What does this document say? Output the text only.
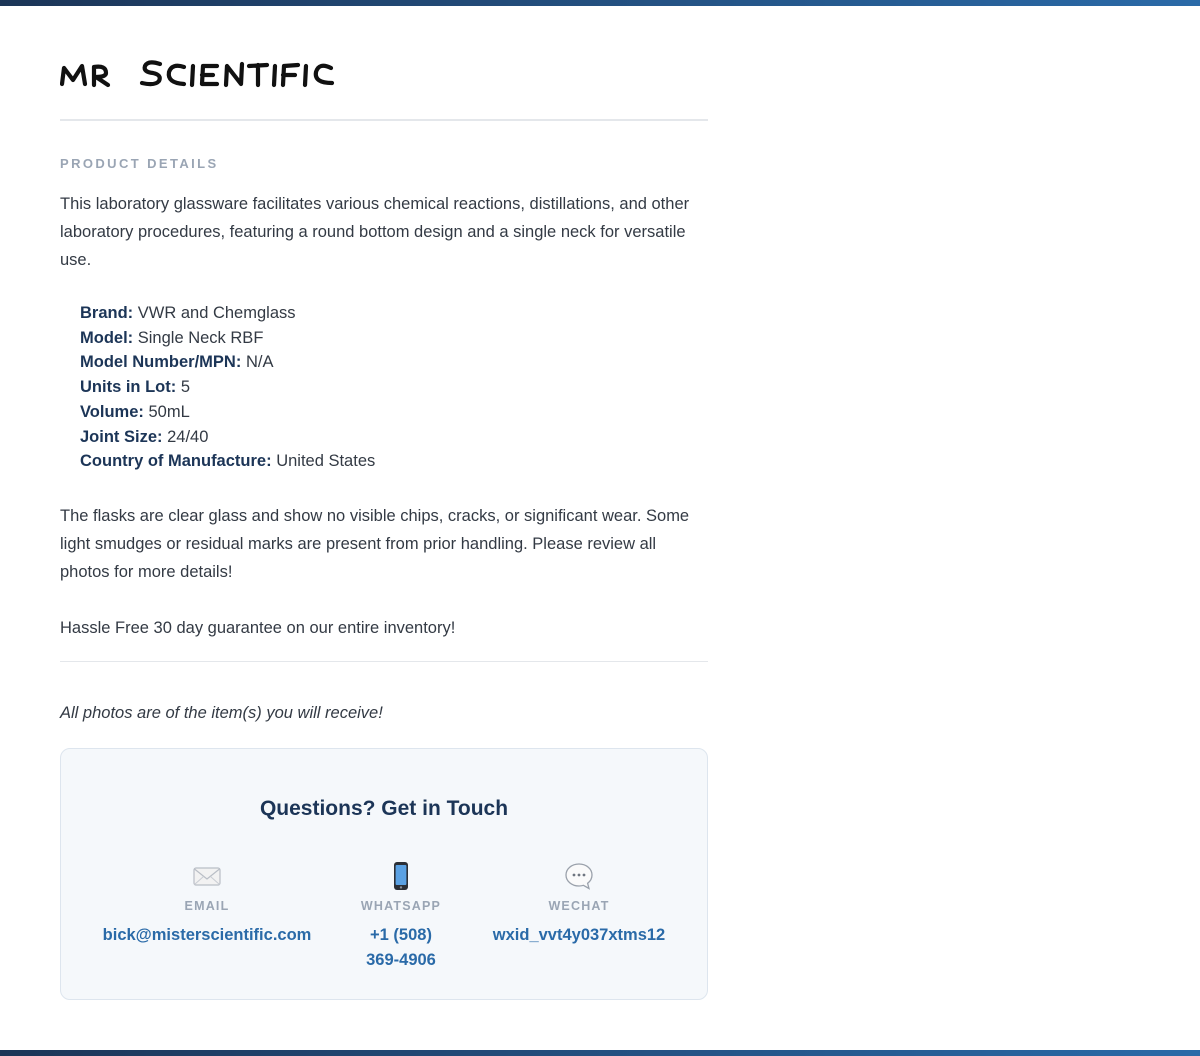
PRODUCT DETAILS

This laboratory glassware facilitates various chemical reactions, distillations, and other laboratory procedures, featuring a round bottom design and a single neck for versatile use.

Brand: VWR and Chemglass
Model: Single Neck RBF
Model Number/MPN: N/A
Units in Lot: 5
Volume: 50mL
Joint Size: 24/40
Country of Manufacture: United States

The flasks are clear glass and show no visible chips, cracks, or significant wear. Some light smudges or residual marks are present from prior handling. Please review all photos for more details!

Hassle Free 30 day guarantee on our entire inventory!

All photos are of the item(s) you will receive!

Questions? Get in Touch
EMAIL
bick@misterscientific.com
WHATSAPP
+1 (508)
369-4906
WECHAT
wxid_vvt4y037xtms12
